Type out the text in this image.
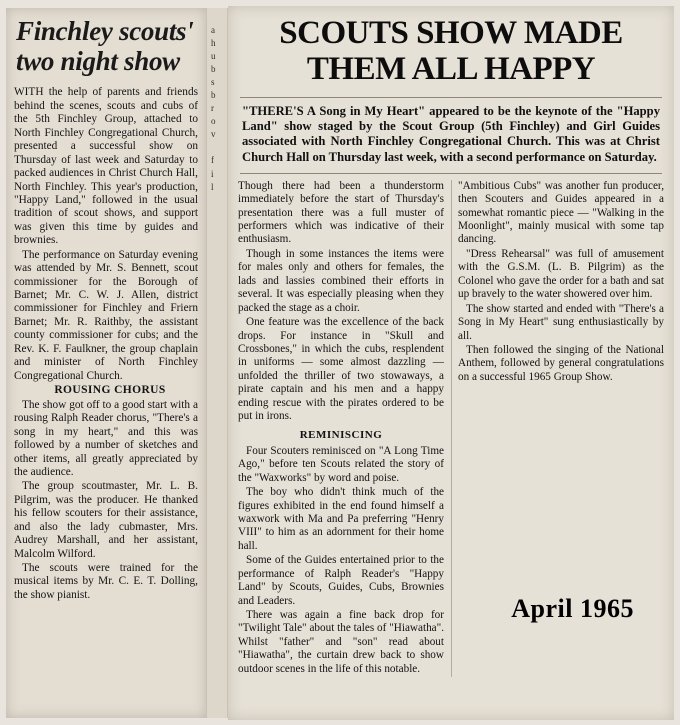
Finchley scouts' two night show

WITH the help of parents and friends behind the scenes, scouts and cubs of the 5th Finchley Group, attached to North Finchley Congregational Church, presented a successful show on Thursday of last week and Saturday to packed audiences in Christ Church Hall, North Finchley. This year's production, "Happy Land," followed in the usual tradition of scout shows, and support was given this time by guides and brownies.

The performance on Saturday evening was attended by Mr. S. Bennett, scout commissioner for the Borough of Barnet; Mr. C. W. J. Allen, district commissioner for Finchley and Friern Barnet; Mr. R. Raithby, the assistant county commissioner for cubs; and the Rev. K. F. Faulkner, the group chaplain and minister of North Finchley Congregational Church.

ROUSING CHORUS

The show got off to a good start with a rousing Ralph Reader chorus, "There's a song in my heart," and this was followed by a number of sketches and other items, all greatly appreciated by the audience.

The group scoutmaster, Mr. L. B. Pilgrim, was the producer. He thanked his fellow scouters for their assistance, and also the lady cubmaster, Mrs. Audrey Marshall, and her assistant, Malcolm Wilford.

The scouts were trained for the musical items by Mr. C. E. T. Dolling, the show pianist.

a
h
u
b
s
b
r
o
v

f
i
l
SCOUTS SHOW MADE THEM ALL HAPPY
"THERE'S A Song in My Heart" appeared to be the keynote of the "Happy Land" show staged by the Scout Group (5th Finchley) and Girl Guides associated with North Finchley Congregational Church. This was at Christ Church Hall on Thursday last week, with a second performance on Saturday.

Though there had been a thunderstorm immediately before the start of Thursday's presentation there was a full muster of performers which was indicative of their enthusiasm.

Though in some instances the items were for males only and others for females, the lads and lassies combined their efforts in several. It was especially pleasing when they packed the stage as a choir.

One feature was the excellence of the back drops. For instance in "Skull and Crossbones," in which the cubs, resplendent in uniforms — some almost dazzling — unfolded the thriller of two stowaways, a pirate captain and his men and a happy ending rescue with the pirates ordered to be put in irons.

REMINISCING

Four Scouters reminisced on "A Long Time Ago," before ten Scouts related the story of the "Waxworks" by word and poise.

The boy who didn't think much of the figures exhibited in the end found himself a waxwork with Ma and Pa preferring "Henry VIII" to him as an adornment for their home hall.

Some of the Guides entertained prior to the performance of Ralph Reader's "Happy Land" by Scouts, Guides, Cubs, Brownies and Leaders.

There was again a fine back drop for "Twilight Tale" about the tales of "Hiawatha". Whilst "father" and "son" read about "Hiawatha", the curtain drew back to show outdoor scenes in the life of this notable.

"Ambitious Cubs" was another fun producer, then Scouters and Guides appeared in a somewhat romantic piece — "Walking in the Moonlight", mainly musical with some tap dancing.

"Dress Rehearsal" was full of amusement with the G.S.M. (L. B. Pilgrim) as the Colonel who gave the order for a bath and sat up bravely to the water showered over him.

The show started and ended with "There's a Song in My Heart" sung enthusiastically by all.

Then followed the singing of the National Anthem, followed by general congratulations on a successful 1965 Group Show.

April 1965
